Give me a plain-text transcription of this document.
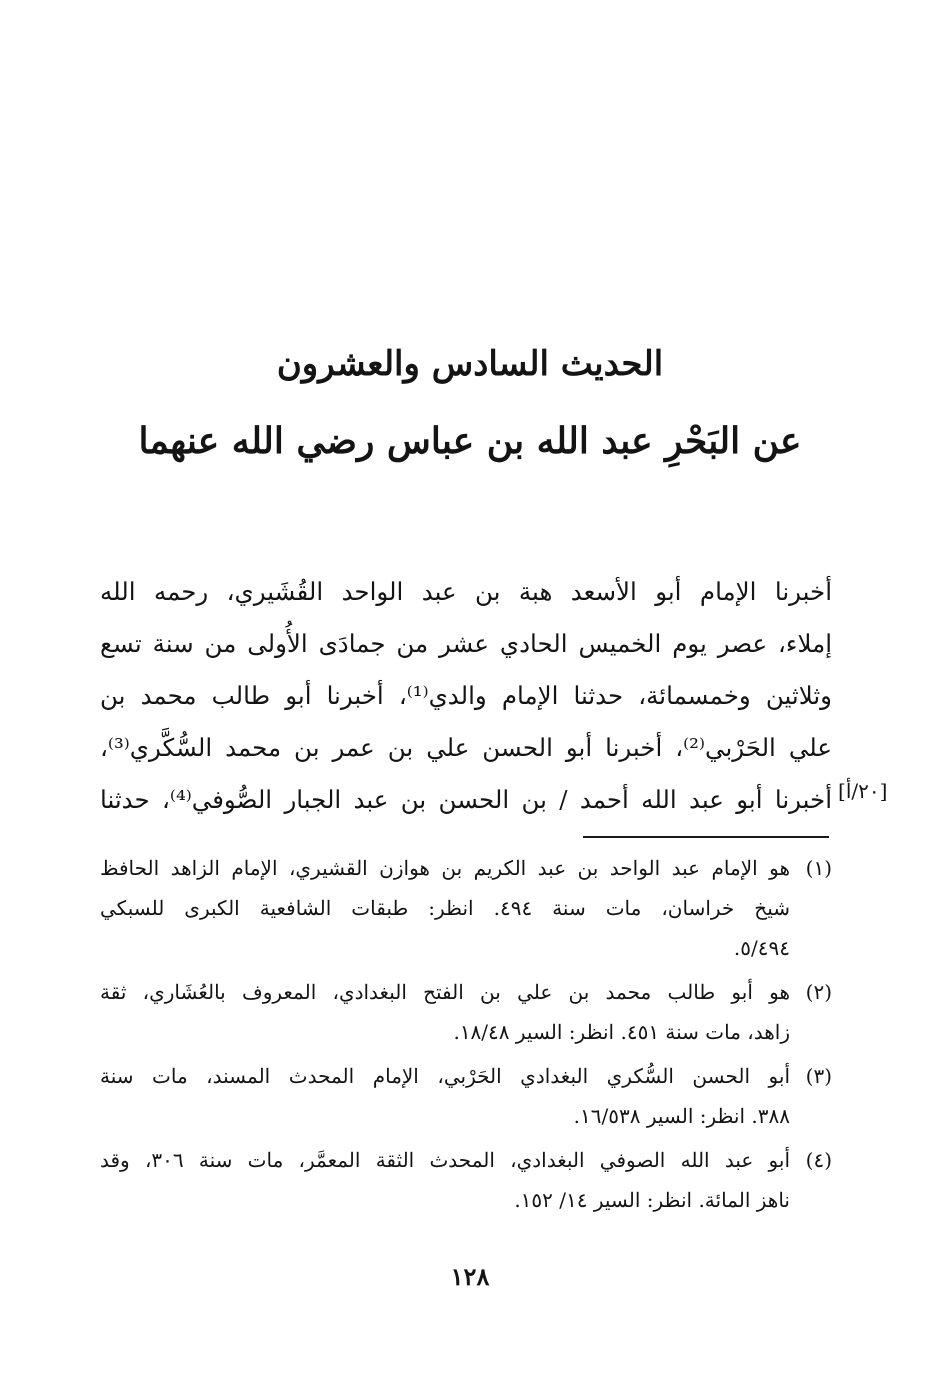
الحديث السادس والعشرون
عن البَحْرِ عبد الله بن عباس رضي الله عنهما
أخبرنا الإمام أبو الأسعد هبة بن عبد الواحد القُشَيري، رحمه الله
إملاء، عصر يوم الخميس الحادي عشر من جمادَى الأُولى من سنة تسع
وثلاثين وخمسمائة، حدثنا الإمام والدي⁽¹⁾، أخبرنا أبو طالب محمد بن
علي الحَرْبي⁽²⁾، أخبرنا أبو الحسن علي بن عمر بن محمد السُّكَّري⁽³⁾،
أخبرنا أبو عبد الله أحمد / بن الحسن بن عبد الجبار الصُّوفي⁽⁴⁾، حدثنا [٢٠/أ]
(١)
هو الإمام عبد الواحد بن عبد الكريم بن هوازن القشيري، الإمام الزاهد الحافظ
شيخ خراسان، مات سنة ٤٩٤. انظر: طبقات الشافعية الكبرى للسبكي
٥/٤٩٤.
(٢)
هو أبو طالب محمد بن علي بن الفتح البغدادي، المعروف بالعُشَاري، ثقة
زاهد، مات سنة ٤٥١. انظر: السير ١٨/٤٨.
(٣)
أبو الحسن السُّكري البغدادي الحَرْبي، الإمام المحدث المسند، مات سنة
٣٨٨. انظر: السير ١٦/٥٣٨.
(٤)
أبو عبد الله الصوفي البغدادي، المحدث الثقة المعمَّر، مات سنة ٣٠٦، وقد
ناهز المائة. انظر: السير ١٤/ ١٥٢.
١٢٨
